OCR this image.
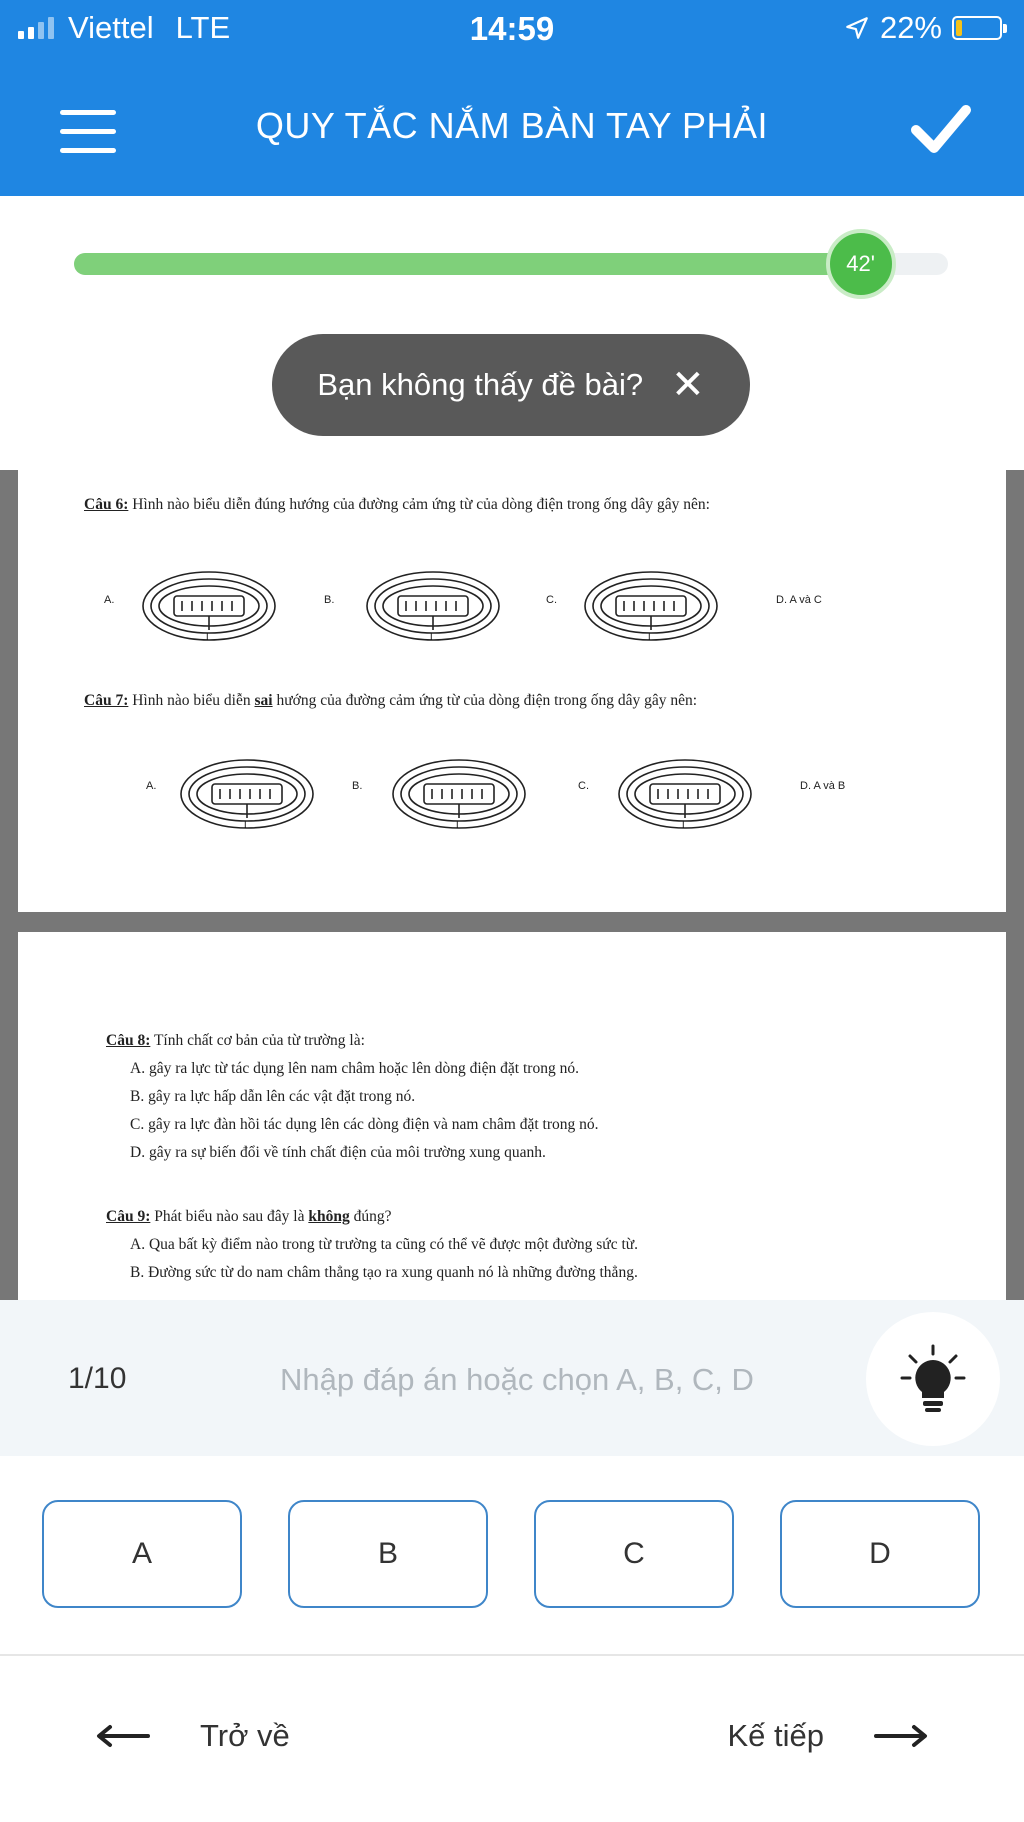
Viettel LTE	14:59	22%
QUY TẮC NẮM BÀN TAY PHẢI
42'
Bạn không thấy đề bài? ✕
Câu 6: Hình nào biểu diễn đúng hướng của đường cảm ứng từ của dòng điện trong ống dây gây nên:
A.
I
B.
I
C.
I
D. A và C
Câu 7: Hình nào biểu diễn sai hướng của đường cảm ứng từ của dòng điện trong ống dây gây nên:
A.
I
B.
I
C.
I
D. A và B
Câu 8: Tính chất cơ bản của từ trường là:
A. gây ra lực từ tác dụng lên nam châm hoặc lên dòng điện đặt trong nó.
B. gây ra lực hấp dẫn lên các vật đặt trong nó.
C. gây ra lực đàn hồi tác dụng lên các dòng điện và nam châm đặt trong nó.
D. gây ra sự biến đổi về tính chất điện của môi trường xung quanh.
Câu 9: Phát biểu nào sau đây là không đúng?
A. Qua bất kỳ điểm nào trong từ trường ta cũng có thể vẽ được một đường sức từ.
B. Đường sức từ do nam châm thẳng tạo ra xung quanh nó là những đường thẳng.
1/10	Nhập đáp án hoặc chọn A, B, C, D
A	B	C	D
Trở về	Kế tiếp
